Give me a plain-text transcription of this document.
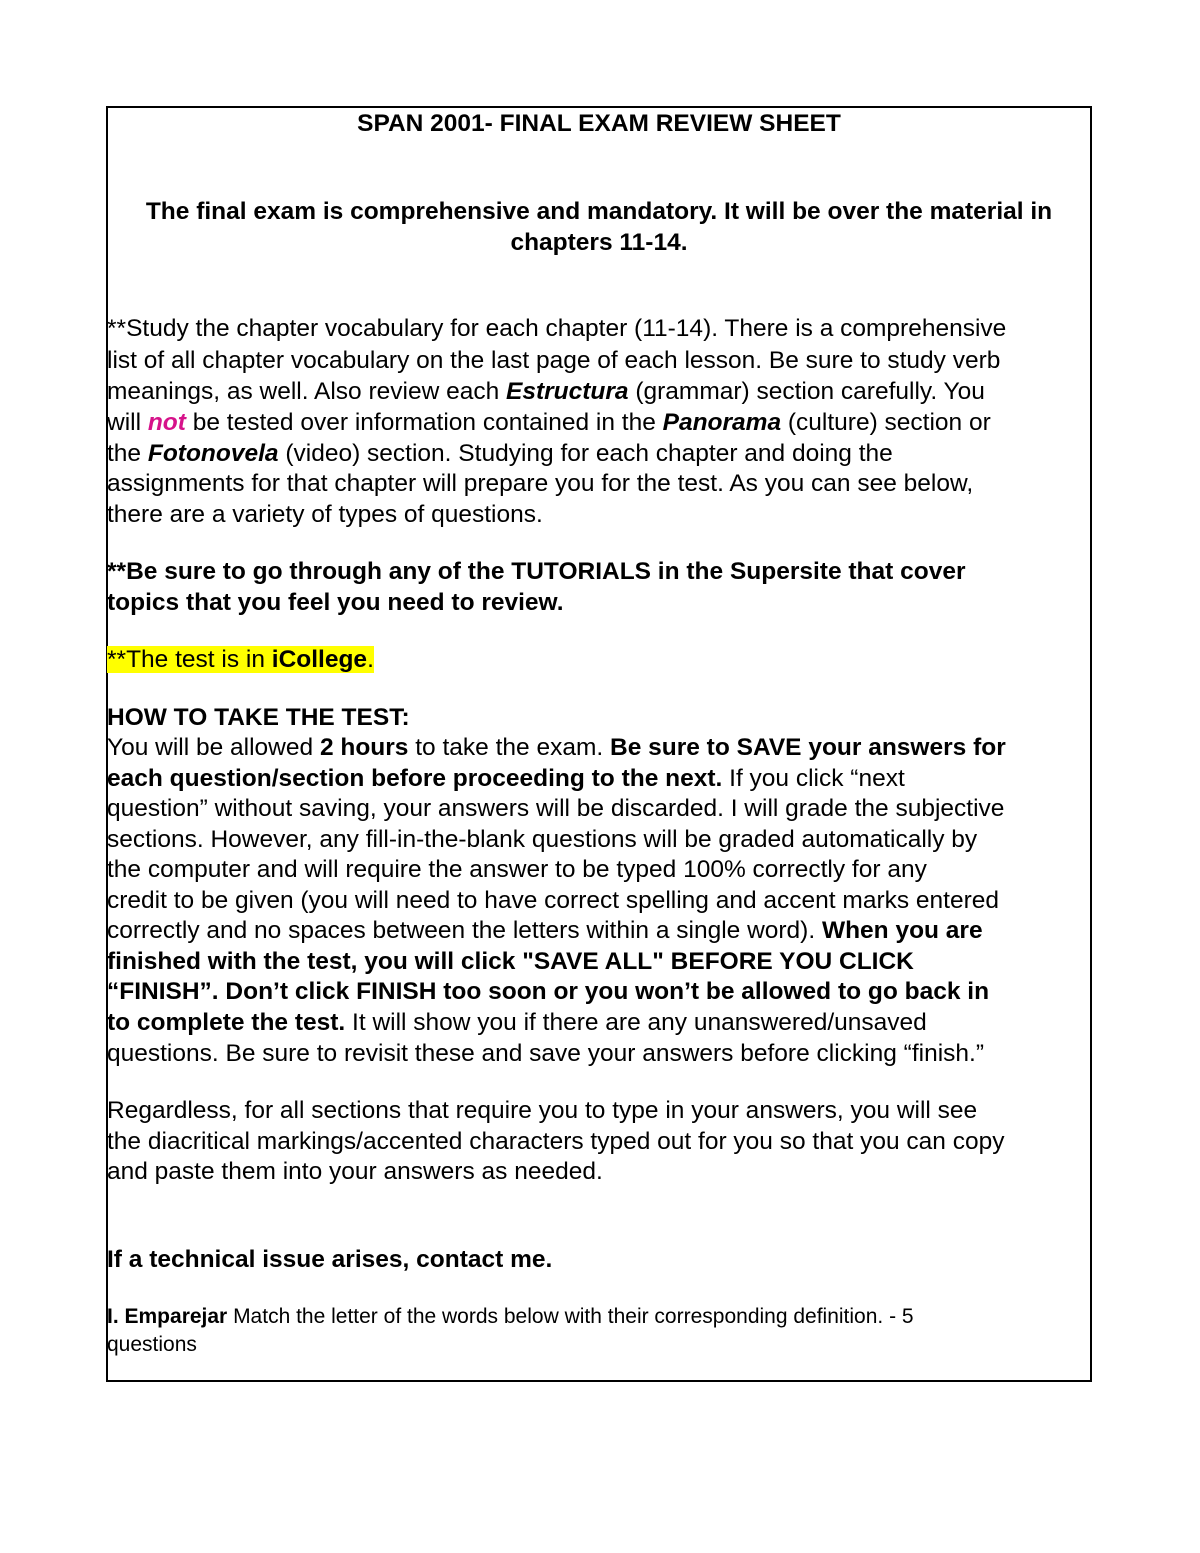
SPAN 2001- FINAL EXAM REVIEW SHEET
The final exam is comprehensive and mandatory. It will be over the material in
chapters 11-14.
**Study the chapter vocabulary for each chapter (11-14). There is a comprehensive
list of all chapter vocabulary on the last page of each lesson. Be sure to study verb
meanings, as well. Also review each Estructura (grammar) section carefully. You
will not be tested over information contained in the Panorama (culture) section or
the Fotonovela (video) section. Studying for each chapter and doing the
assignments for that chapter will prepare you for the test. As you can see below,
there are a variety of types of questions.
**Be sure to go through any of the TUTORIALS in the Supersite that cover
topics that you feel you need to review.
**The test is in iCollege.
HOW TO TAKE THE TEST:
You will be allowed 2 hours to take the exam. Be sure to SAVE your answers for
each question/section before proceeding to the next. If you click “next
question” without saving, your answers will be discarded. I will grade the subjective
sections. However, any fill-in-the-blank questions will be graded automatically by
the computer and will require the answer to be typed 100% correctly for any
credit to be given (you will need to have correct spelling and accent marks entered
correctly and no spaces between the letters within a single word). When you are
finished with the test, you will click "SAVE ALL" BEFORE YOU CLICK
“FINISH”. Don’t click FINISH too soon or you won’t be allowed to go back in
to complete the test. It will show you if there are any unanswered/unsaved
questions. Be sure to revisit these and save your answers before clicking “finish.”
Regardless, for all sections that require you to type in your answers, you will see
the diacritical markings/accented characters typed out for you so that you can copy
and paste them into your answers as needed.
If a technical issue arises, contact me.
I. Emparejar Match the letter of the words below with their corresponding definition. - 5
questions
